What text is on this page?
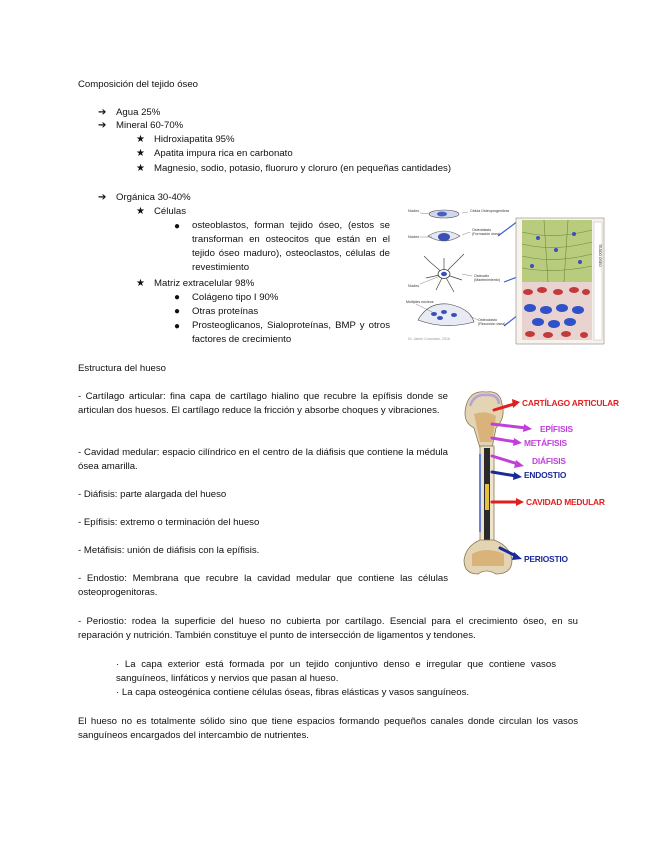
Composición del tejido óseo
➔ Agua 25%
➔ Mineral 60-70%
★ Hidroxiapatita 95%
★ Apatita impura rica en carbonato
★ Magnesio, sodio, potasio, fluoruro y cloruro (en pequeñas cantidades)
➔ Orgánica 30-40%
★ Células
● osteoblastos, forman tejido óseo, (estos se transforman en osteocitos que están en el tejido óseo maduro), osteoclastos, células de revestimiento
★ Matriz extracelular 98%
● Colágeno tipo I 90%
● Otras proteínas
● Prosteoglicanos, Sialoproteínas, BMP y otros factores de crecimiento
Núcleo	Célula Osteoprogenitora
Núcleo
Osteoblasto (Formación ósea)
Núcleo
Osteocito (Mantenimiento)
Múltiples núcleos
Osteoclasto (Resorción ósea)
Dr. Jaime Coronado, 2016
TEJIDO ÓSEO
Estructura del hueso
- Cartílago articular: fina capa de cartílago hialino que recubre la epífisis donde se articulan dos huesos. El cartílago reduce la fricción y absorbe choques y vibraciones.
- Cavidad medular: espacio cilíndrico en el centro de la diáfisis que contiene la médula ósea amarilla.
- Diáfisis: parte alargada del hueso
- Epífisis: extremo o terminación del hueso
- Metáfisis: unión de diáfisis con la epífisis.
- Endostio: Membrana que recubre la cavidad medular que contiene las células osteoprogenitoras.
- Periostio: rodea la superficie del hueso no cubierta por cartílago. Esencial para el crecimiento óseo, en su reparación y nutrición. También constituye el punto de intersección de ligamentos y tendones.
· La capa exterior está formada por un tejido conjuntivo denso e irregular que contiene vasos sanguíneos, linfáticos y nervios que pasan al hueso.
· La capa osteogénica contiene células óseas, fibras elásticas y vasos sanguíneos.
El hueso no es totalmente sólido sino que tiene espacios formando pequeños canales donde circulan los vasos sanguíneos encargados del intercambio de nutrientes.
CARTÍLAGO ARTICULAR
EPÍFISIS
METÁFISIS
DIÁFISIS
ENDOSTIO
CAVIDAD MEDULAR
PERIOSTIO
